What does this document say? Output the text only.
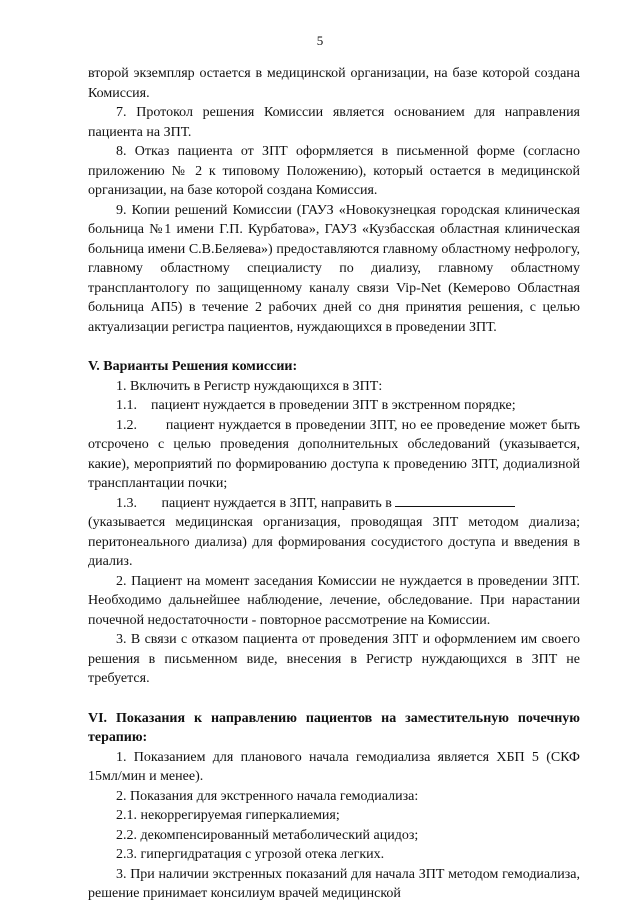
5

второй экземпляр остается в медицинской организации, на базе которой создана Комиссия.

7. Протокол решения Комиссии является основанием для направления пациента на ЗПТ.

8. Отказ пациента от ЗПТ оформляется в письменной форме (согласно приложению № 2 к типовому Положению), который остается в медицинской организации, на базе которой создана Комиссия.

9. Копии решений Комиссии (ГАУЗ «Новокузнецкая городская клиническая больница №1 имени Г.П. Курбатова», ГАУЗ «Кузбасская областная клиническая больница имени С.В.Беляева») предоставляются главному областному нефрологу, главному областному специалисту по диализу, главному областному трансплантологу по защищенному каналу связи Vip-Net (Кемерово Областная больница АП5) в течение 2 рабочих дней со дня принятия решения, с целью актуализации регистра пациентов, нуждающихся в проведении ЗПТ.

V. Варианты Решения комиссии:

1. Включить в Регистр нуждающихся в ЗПТ:

1.1.    пациент нуждается в проведении ЗПТ в экстренном порядке;

1.2.       пациент нуждается в проведении ЗПТ, но ее проведение может быть отсрочено с целью проведения дополнительных обследований (указывается, какие), мероприятий по формированию доступа к проведению ЗПТ, додиализной трансплантации почки;

1.3.       пациент нуждается в ЗПТ, направить в

(указывается медицинская организация, проводящая ЗПТ методом диализа; перитонеального диализа) для формирования сосудистого доступа и введения в диализ.

2. Пациент на момент заседания Комиссии не нуждается в проведении ЗПТ. Необходимо дальнейшее наблюдение, лечение, обследование. При нарастании почечной недостаточности - повторное рассмотрение на Комиссии.

3. В связи с отказом пациента от проведения ЗПТ и оформлением им своего решения в письменном виде, внесения в Регистр нуждающихся в ЗПТ не требуется.

VI. Показания к направлению пациентов на заместительную почечную терапию:

1. Показанием для планового начала гемодиализа является ХБП 5 (СКФ 15мл/мин и менее).

2. Показания для экстренного начала гемодиализа:

2.1. некоррегируемая гиперкалиемия;

2.2. декомпенсированный метаболический ацидоз;

2.3. гипергидратация с угрозой отека легких.

3. При наличии экстренных показаний для начала ЗПТ методом гемодиализа, решение принимает консилиум врачей медицинской
